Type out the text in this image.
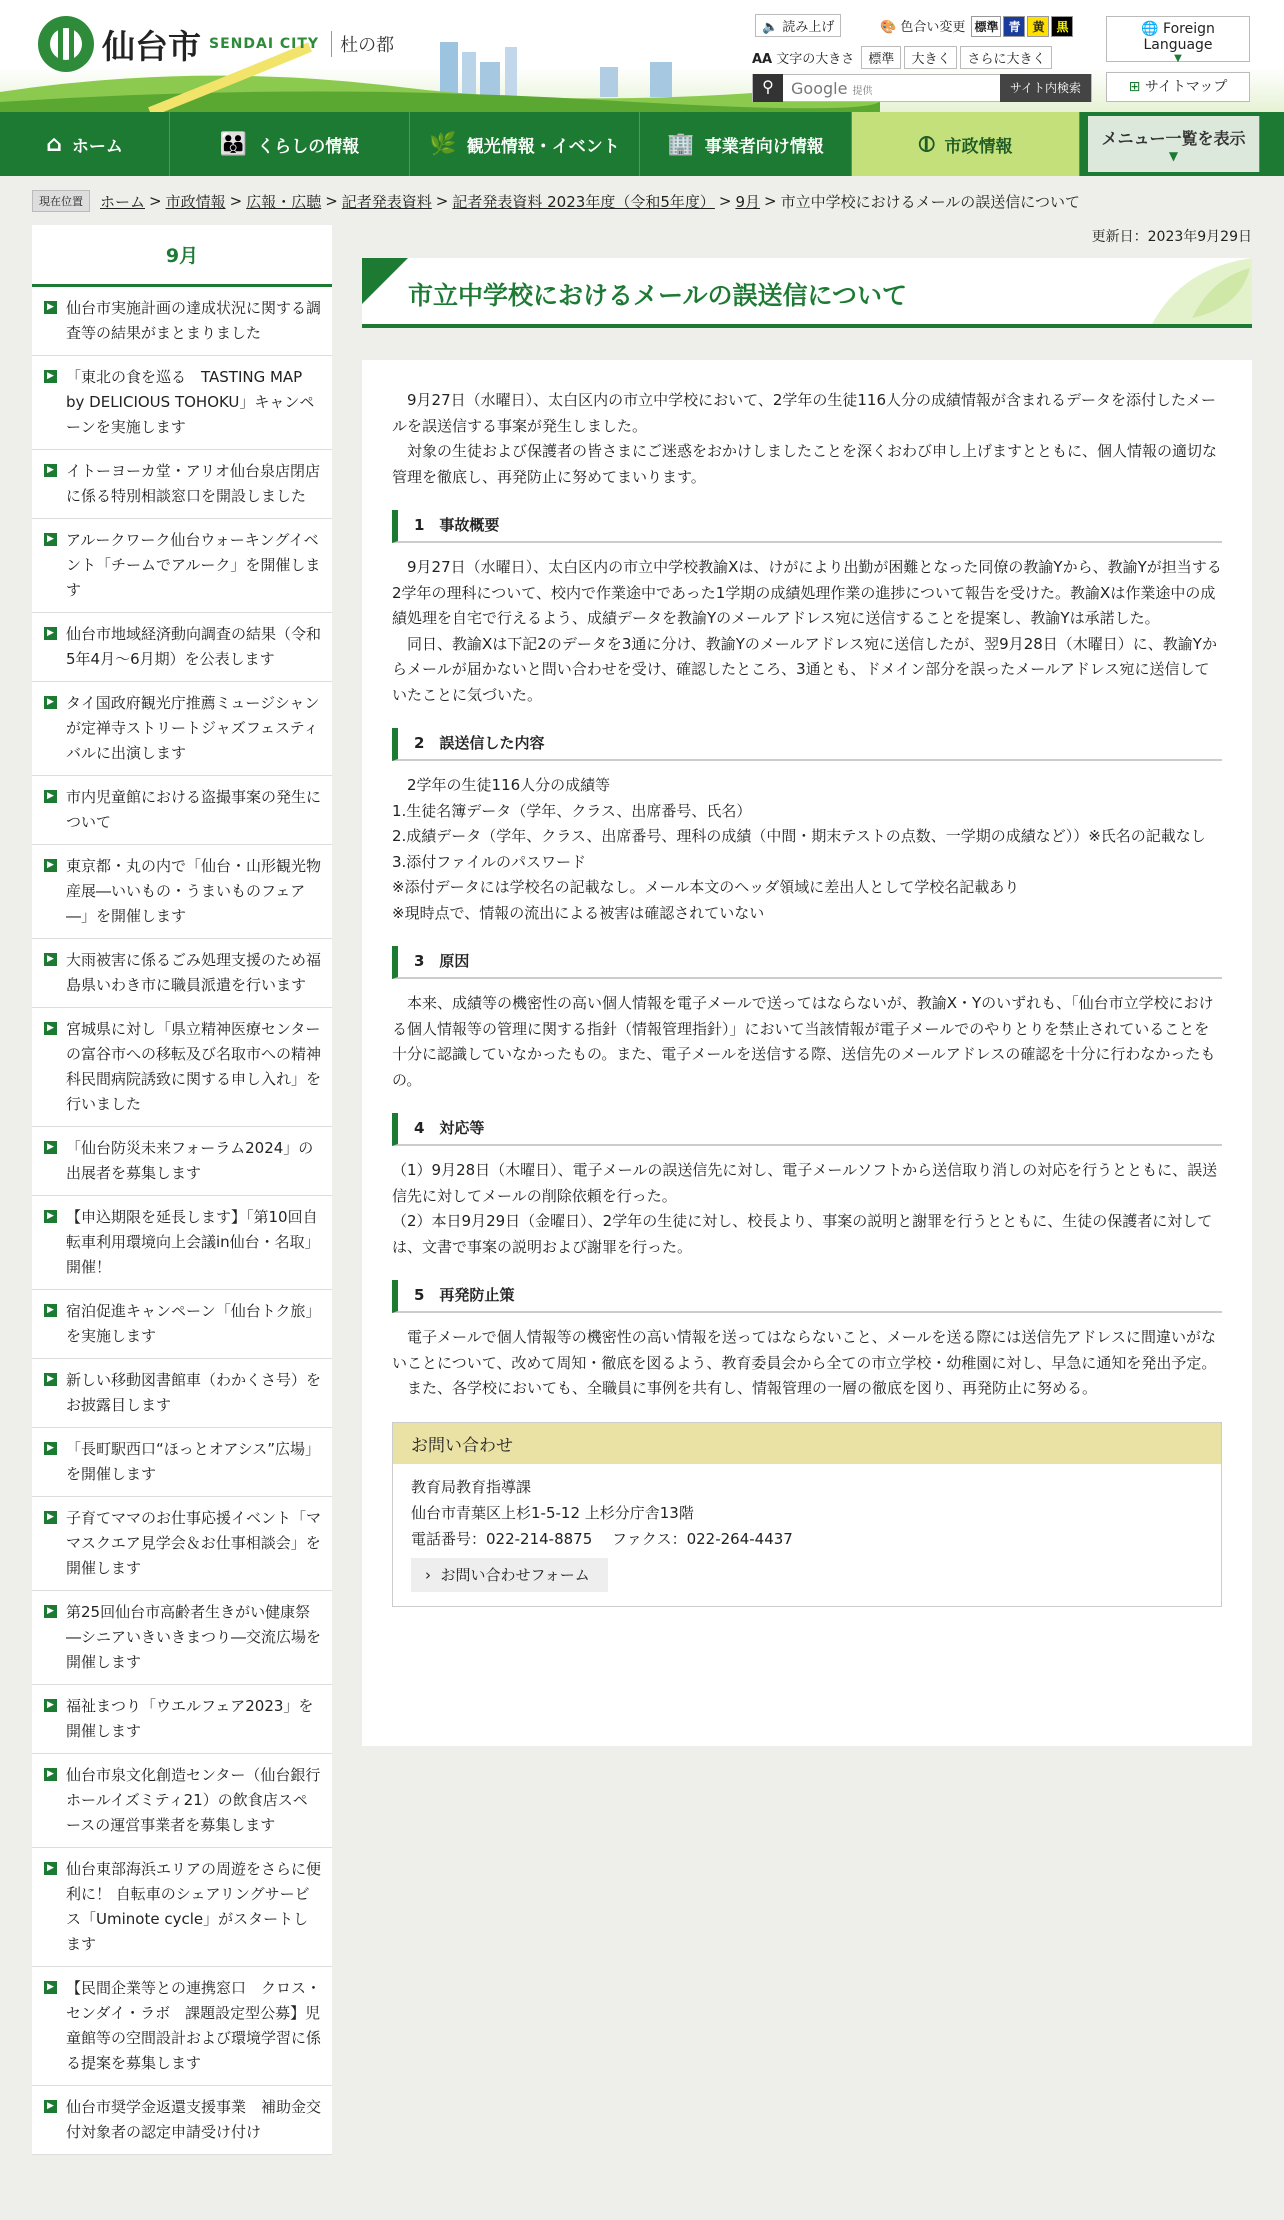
仙台市 SENDAI CITY	杜の都
🔈 読み上げ	🎨 色合い変更 標準 青 黄 黒
AA 文字の大きさ 標準 大きく さらに大きく
⚲	Google 提供	サイト内検索
🌐 Foreign Language
▼
⊞ サイトマップ
⌂ ホーム	👪 くらしの情報	🌿 観光情報・イベント 🏢 事業者向け情報	⦶ 市政情報	メニュー一覧を表示
▼
現在位置	ホーム > 市政情報 > 広報・広聴 > 記者発表資料 > 記者発表資料 2023年度（令和5年度） > 9月 > 市立中学校におけるメールの誤送信について
更新日：2023年9月29日
9月
▶ 仙台市実施計画の達成状況に関する調査等の結果がまとまりました
▶ 「東北の食を巡る　TASTING MAP by DELICIOUS TOHOKU」キャンペーンを実施します
▶ イトーヨーカ堂・アリオ仙台泉店閉店に係る特別相談窓口を開設しました
▶ アルークワーク仙台ウォーキングイベント「チームでアルーク」を開催します
▶ 仙台市地域経済動向調査の結果（令和5年4月～6月期）を公表します
▶ タイ国政府観光庁推薦ミュージシャンが定禅寺ストリートジャズフェスティバルに出演します
▶ 市内児童館における盗撮事案の発生について
▶ 東京都・丸の内で「仙台・山形観光物産展―いいもの・うまいものフェア―」を開催します
▶ 大雨被害に係るごみ処理支援のため福島県いわき市に職員派遣を行います
▶ 宮城県に対し「県立精神医療センターの富谷市への移転及び名取市への精神科民間病院誘致に関する申し入れ」を行いました
▶ 「仙台防災未来フォーラム2024」の出展者を募集します
▶ 【申込期限を延長します】「第10回自転車利用環境向上会議in仙台・名取」開催！
▶ 宿泊促進キャンペーン「仙台トク旅」を実施します
▶ 新しい移動図書館車（わかくさ号）をお披露目します
▶ 「長町駅西口“ほっとオアシス”広場」を開催します
▶ 子育てママのお仕事応援イベント「ママスクエア見学会＆お仕事相談会」を開催します
▶ 第25回仙台市高齢者生きがい健康祭―シニアいきいきまつり―交流広場を開催します
▶ 福祉まつり「ウエルフェア2023」を開催します
▶ 仙台市泉文化創造センター（仙台銀行ホールイズミティ21）の飲食店スペースの運営事業者を募集します
▶ 仙台東部海浜エリアの周遊をさらに便利に！ 自転車のシェアリングサービス「Uminote cycle」がスタートします
▶ 【民間企業等との連携窓口　クロス・センダイ・ラボ　課題設定型公募】児童館等の空間設計および環境学習に係る提案を募集します
▶ 仙台市奨学金返還支援事業　補助金交付対象者の認定申請受け付け
市立中学校におけるメールの誤送信について

9月27日（水曜日）、太白区内の市立中学校において、2学年の生徒116人分の成績情報が含まれるデータを添付したメールを誤送信する事案が発生しました。

対象の生徒および保護者の皆さまにご迷惑をおかけしましたことを深くおわび申し上げますとともに、個人情報の適切な管理を徹底し、再発防止に努めてまいります。

1　事故概要

9月27日（水曜日）、太白区内の市立中学校教諭Xは、けがにより出勤が困難となった同僚の教諭Yから、教諭Yが担当する2学年の理科について、校内で作業途中であった1学期の成績処理作業の進捗について報告を受けた。教諭Xは作業途中の成績処理を自宅で行えるよう、成績データを教諭Yのメールアドレス宛に送信することを提案し、教諭Yは承諾した。

同日、教諭Xは下記2のデータを3通に分け、教諭Yのメールアドレス宛に送信したが、翌9月28日（木曜日）に、教諭Yからメールが届かないと問い合わせを受け、確認したところ、3通とも、ドメイン部分を誤ったメールアドレス宛に送信していたことに気づいた。

2　誤送信した内容

2学年の生徒116人分の成績等

1.生徒名簿データ（学年、クラス、出席番号、氏名）

2.成績データ（学年、クラス、出席番号、理科の成績（中間・期末テストの点数、一学期の成績など））※氏名の記載なし

3.添付ファイルのパスワード

※添付データには学校名の記載なし。メール本文のヘッダ領域に差出人として学校名記載あり

※現時点で、情報の流出による被害は確認されていない

3　原因

本来、成績等の機密性の高い個人情報を電子メールで送ってはならないが、教諭X・Yのいずれも、「仙台市立学校における個人情報等の管理に関する指針（情報管理指針）」において当該情報が電子メールでのやりとりを禁止されていることを十分に認識していなかったもの。また、電子メールを送信する際、送信先のメールアドレスの確認を十分に行わなかったもの。

4　対応等

（1）9月28日（木曜日）、電子メールの誤送信先に対し、電子メールソフトから送信取り消しの対応を行うとともに、誤送信先に対してメールの削除依頼を行った。

（2）本日9月29日（金曜日）、2学年の生徒に対し、校長より、事案の説明と謝罪を行うとともに、生徒の保護者に対しては、文書で事案の説明および謝罪を行った。

5　再発防止策

電子メールで個人情報等の機密性の高い情報を送ってはならないこと、メールを送る際には送信先アドレスに間違いがないことについて、改めて周知・徹底を図るよう、教育委員会から全ての市立学校・幼稚園に対し、早急に通知を発出予定。

また、各学校においても、全職員に事例を共有し、情報管理の一層の徹底を図り、再発防止に努める。

お問い合わせ
教育局教育指導課
仙台市青葉区上杉1-5-12 上杉分庁舎13階
電話番号：022-214-8875　 ファクス：022-264-4437
› お問い合わせフォーム
